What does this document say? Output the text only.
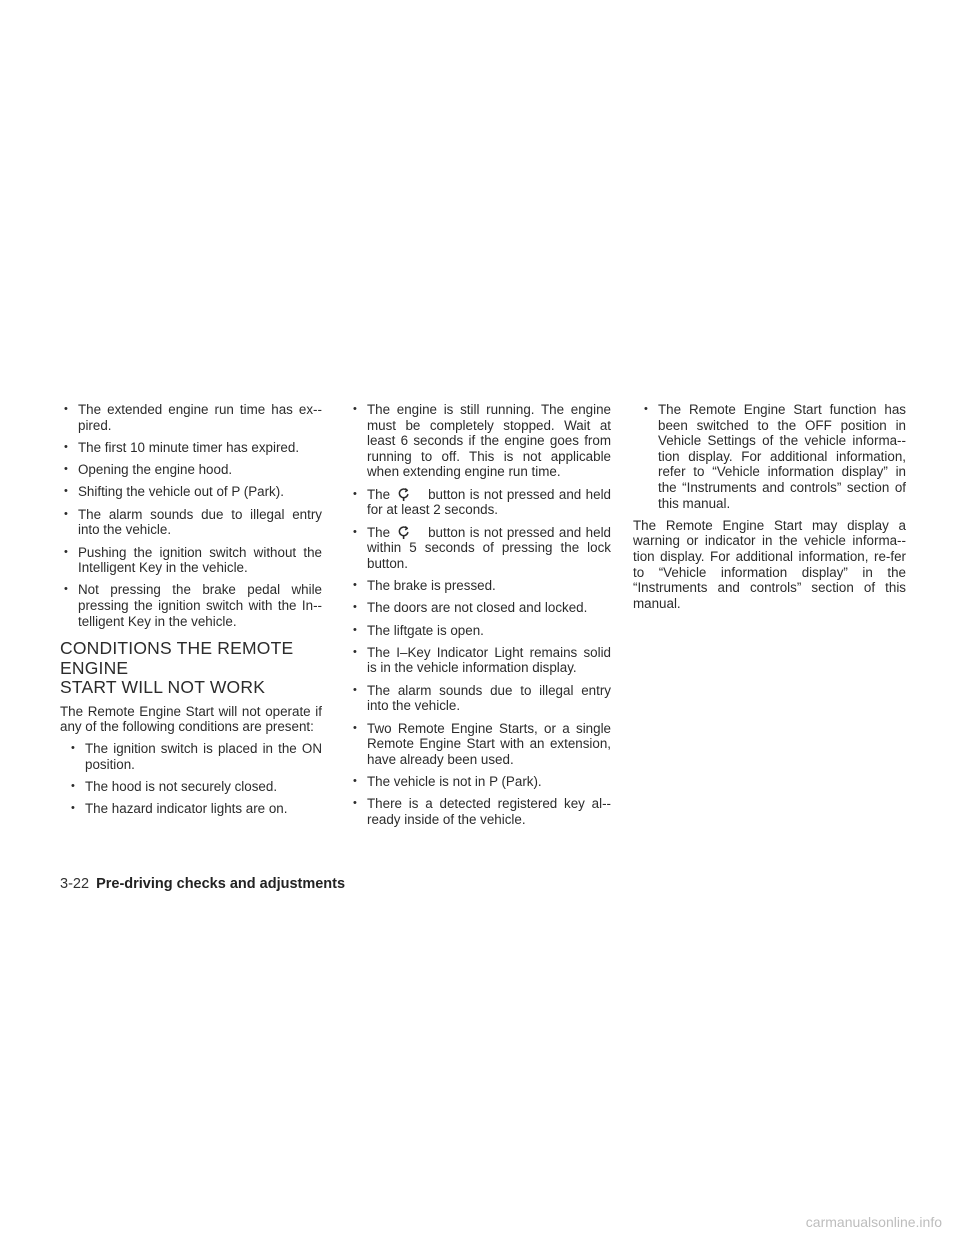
• The extended engine run time has ex-pired.
• The first 10 minute timer has expired.
• Opening the engine hood.
• Shifting the vehicle out of P (Park).
• The alarm sounds due to illegal entry into the vehicle.
• Pushing the ignition switch without the Intelligent Key in the vehicle.
• Not pressing the brake pedal while pressing the ignition switch with the In-telligent Key in the vehicle.
CONDITIONS THE REMOTE ENGINE
START WILL NOT WORK

The Remote Engine Start will not operate if any of the following conditions are present:

• The ignition switch is placed in the ON position.
• The hood is not securely closed.
• The hazard indicator lights are on.
• The engine is still running. The engine must be completely stopped. Wait at least 6 seconds if the engine goes from running to off. This is not applicable when extending engine run time.
• The	button is not pressed and held for at least 2 seconds.
• The	button is not pressed and held within 5 seconds of pressing the lock button.
• The brake is pressed.
• The doors are not closed and locked.
• The liftgate is open.
• The I–Key Indicator Light remains solid is in the vehicle information display.
• The alarm sounds due to illegal entry into the vehicle.
• Two Remote Engine Starts, or a single Remote Engine Start with an extension, have already been used.
• The vehicle is not in P (Park).
• There is a detected registered key al-ready inside of the vehicle.
• The Remote Engine Start function has been switched to the OFF position in Vehicle Settings of the vehicle informa-tion display. For additional information, refer to “Vehicle information display” in the “Instruments and controls” section of this manual.

The Remote Engine Start may display a warning or indicator in the vehicle informa-tion display. For additional information, re-fer to “Vehicle information display” in the “Instruments and controls” section of this manual.

3-22 Pre-driving checks and adjustments
carmanualsonline.info
